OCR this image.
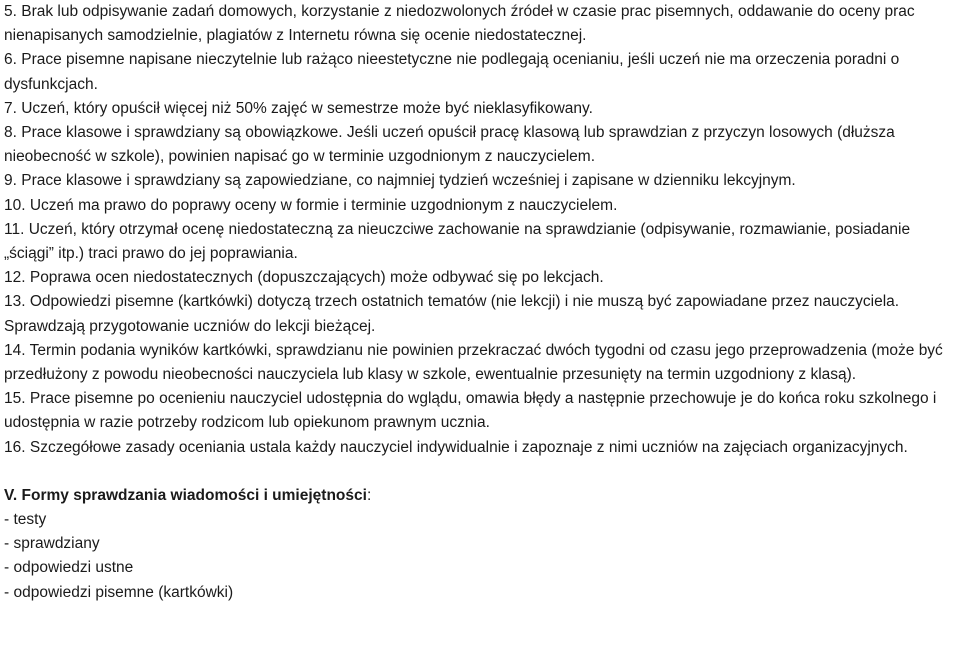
5. Brak lub odpisywanie zadań domowych, korzystanie z niedozwolonych źródeł w czasie prac pisemnych, oddawanie do oceny prac nienapisanych samodzielnie, plagiatów z Internetu równa się ocenie niedostatecznej.

6. Prace pisemne napisane nieczytelnie lub rażąco nieestetyczne nie podlegają ocenianiu, jeśli uczeń nie ma orzeczenia poradni o dysfunkcjach.

7. Uczeń, który opuścił więcej niż 50% zajęć w semestrze może być nieklasyfikowany.

8. Prace klasowe i sprawdziany są obowiązkowe. Jeśli uczeń opuścił pracę klasową lub sprawdzian z przyczyn losowych (dłuższa nieobecność w szkole), powinien napisać go w terminie uzgodnionym z nauczycielem.

9. Prace klasowe i sprawdziany są zapowiedziane, co najmniej tydzień wcześniej i zapisane w dzienniku lekcyjnym.

10. Uczeń ma prawo do poprawy oceny w formie i terminie uzgodnionym z nauczycielem.

11. Uczeń, który otrzymał ocenę niedostateczną za nieuczciwe zachowanie na sprawdzianie (odpisywanie, rozmawianie, posiadanie „ściągi” itp.) traci prawo do jej poprawiania.

12. Poprawa ocen niedostatecznych (dopuszczających) może odbywać się po lekcjach.

13. Odpowiedzi pisemne (kartkówki) dotyczą trzech ostatnich tematów (nie lekcji) i nie muszą być zapowiadane przez nauczyciela. Sprawdzają przygotowanie uczniów do lekcji bieżącej.

14. Termin podania wyników kartkówki, sprawdzianu nie powinien przekraczać dwóch tygodni od czasu jego przeprowadzenia (może być przedłużony z powodu nieobecności nauczyciela lub klasy w szkole, ewentualnie przesunięty na termin uzgodniony z klasą).

15. Prace pisemne po ocenieniu nauczyciel udostępnia do wglądu, omawia błędy a następnie przechowuje je do końca roku szkolnego i udostępnia w razie potrzeby rodzicom lub opiekunom prawnym ucznia.

16. Szczegółowe zasady oceniania ustala każdy nauczyciel indywidualnie i zapoznaje z nimi uczniów na zajęciach organizacyjnych.

V. Formy sprawdzania wiadomości i umiejętności:

- testy
- sprawdziany
- odpowiedzi ustne
- odpowiedzi pisemne (kartkówki)
